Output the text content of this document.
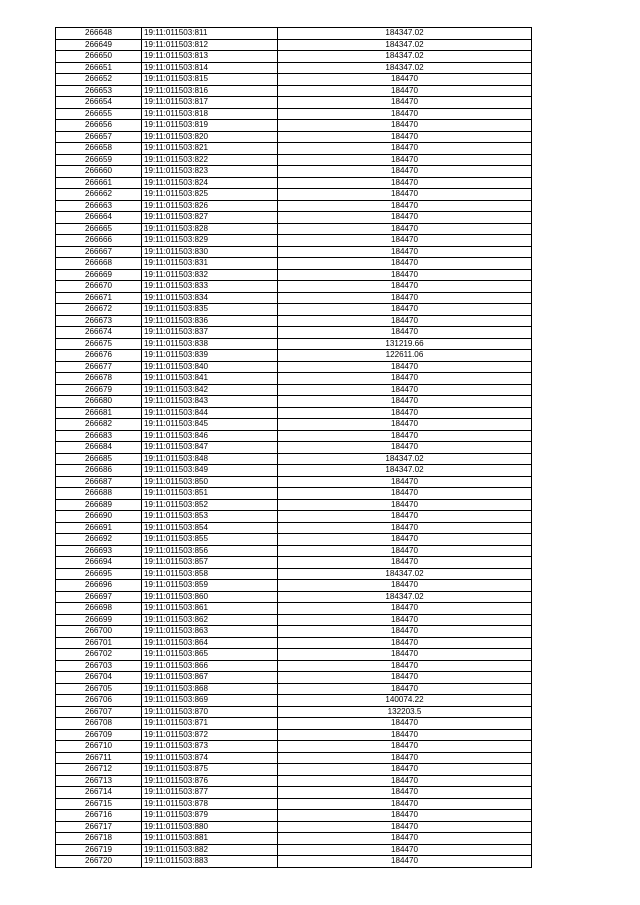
266648	19:11:011503:811	184347.02
266649	19:11:011503:812	184347.02
266650	19:11:011503:813	184347.02
266651	19:11:011503:814	184347.02
266652	19:11:011503:815	184470
266653	19:11:011503:816	184470
266654	19:11:011503:817	184470
266655	19:11:011503:818	184470
266656	19:11:011503:819	184470
266657	19:11:011503:820	184470
266658	19:11:011503:821	184470
266659	19:11:011503:822	184470
266660	19:11:011503:823	184470
266661	19:11:011503:824	184470
266662	19:11:011503:825	184470
266663	19:11:011503:826	184470
266664	19:11:011503:827	184470
266665	19:11:011503:828	184470
266666	19:11:011503:829	184470
266667	19:11:011503:830	184470
266668	19:11:011503:831	184470
266669	19:11:011503:832	184470
266670	19:11:011503:833	184470
266671	19:11:011503:834	184470
266672	19:11:011503:835	184470
266673	19:11:011503:836	184470
266674	19:11:011503:837	184470
266675	19:11:011503:838	131219.66
266676	19:11:011503:839	122611.06
266677	19:11:011503:840	184470
266678	19:11:011503:841	184470
266679	19:11:011503:842	184470
266680	19:11:011503:843	184470
266681	19:11:011503:844	184470
266682	19:11:011503:845	184470
266683	19:11:011503:846	184470
266684	19:11:011503:847	184470
266685	19:11:011503:848	184347.02
266686	19:11:011503:849	184347.02
266687	19:11:011503:850	184470
266688	19:11:011503:851	184470
266689	19:11:011503:852	184470
266690	19:11:011503:853	184470
266691	19:11:011503:854	184470
266692	19:11:011503:855	184470
266693	19:11:011503:856	184470
266694	19:11:011503:857	184470
266695	19:11:011503:858	184347.02
266696	19:11:011503:859	184470
266697	19:11:011503:860	184347.02
266698	19:11:011503:861	184470
266699	19:11:011503:862	184470
266700	19:11:011503:863	184470
266701	19:11:011503:864	184470
266702	19:11:011503:865	184470
266703	19:11:011503:866	184470
266704	19:11:011503:867	184470
266705	19:11:011503:868	184470
266706	19:11:011503:869	140074.22
266707	19:11:011503:870	132203.5
266708	19:11:011503:871	184470
266709	19:11:011503:872	184470
266710	19:11:011503:873	184470
266711	19:11:011503:874	184470
266712	19:11:011503:875	184470
266713	19:11:011503:876	184470
266714	19:11:011503:877	184470
266715	19:11:011503:878	184470
266716	19:11:011503:879	184470
266717	19:11:011503:880	184470
266718	19:11:011503:881	184470
266719	19:11:011503:882	184470
266720	19:11:011503:883	184470
